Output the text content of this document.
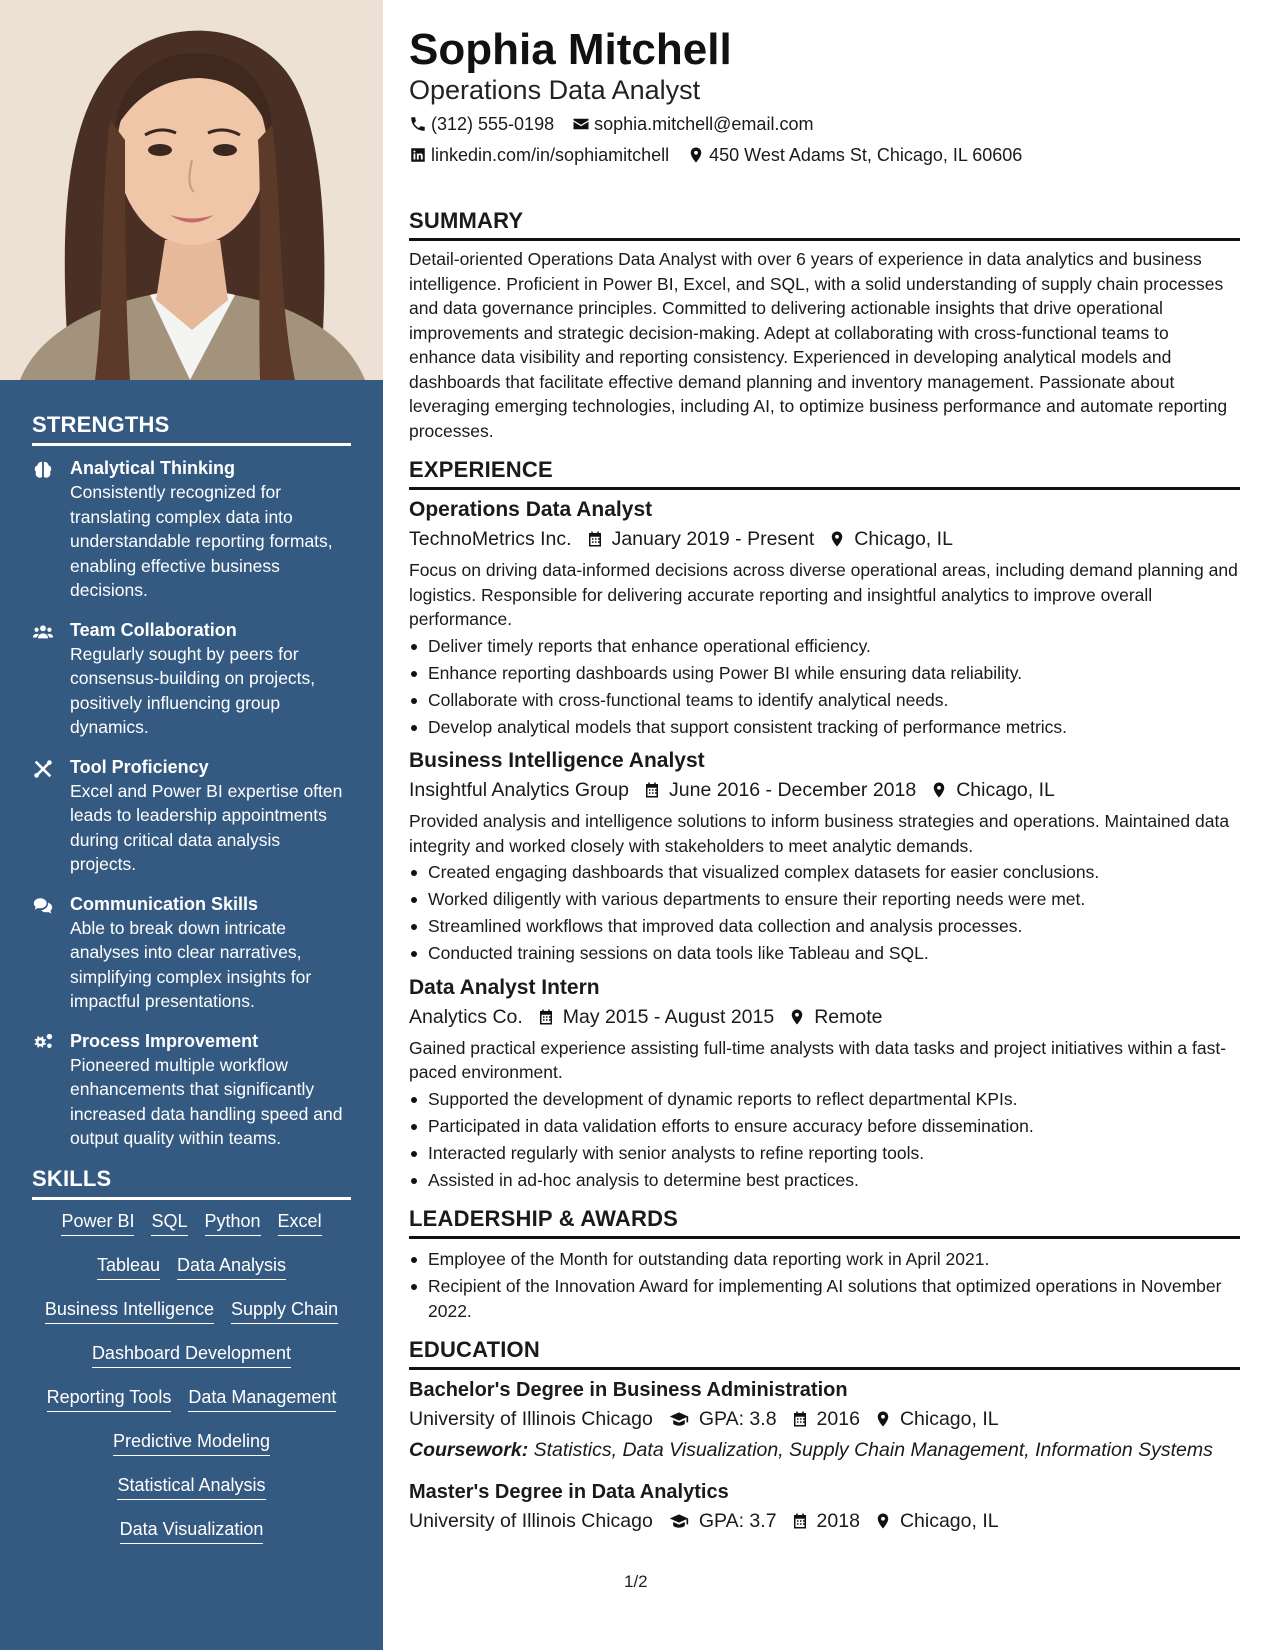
STRENGTHS
Analytical Thinking
Consistently recognized for translating complex data into understandable reporting formats, enabling effective business decisions.
Team Collaboration
Regularly sought by peers for consensus-building on projects, positively influencing group dynamics.
Tool Proficiency
Excel and Power BI expertise often leads to leadership appointments during critical data analysis projects.
Communication Skills
Able to break down intricate analyses into clear narratives, simplifying complex insights for impactful presentations.
Process Improvement
Pioneered multiple workflow enhancements that significantly increased data handling speed and output quality within teams.
SKILLS
Power BI SQL Python Excel
Tableau Data Analysis
Business Intelligence Supply Chain
Dashboard Development
Reporting Tools Data Management
Predictive Modeling
Statistical Analysis
Data Visualization
Sophia Mitchell
Operations Data Analyst
(312) 555-0198 sophia.mitchell@email.com
linkedin.com/in/sophiamitchell 450 West Adams St, Chicago, IL 60606
SUMMARY
Detail-oriented Operations Data Analyst with over 6 years of experience in data analytics and business intelligence. Proficient in Power BI, Excel, and SQL, with a solid understanding of supply chain processes and data governance principles. Committed to delivering actionable insights that drive operational improvements and strategic decision-making. Adept at collaborating with cross-functional teams to enhance data visibility and reporting consistency. Experienced in developing analytical models and dashboards that facilitate effective demand planning and inventory management. Passionate about leveraging emerging technologies, including AI, to optimize business performance and automate reporting processes.
EXPERIENCE
Operations Data Analyst
TechnoMetrics Inc. January 2019 - Present Chicago, IL
Focus on driving data-informed decisions across diverse operational areas, including demand planning and logistics. Responsible for delivering accurate reporting and insightful analytics to improve overall performance.
Deliver timely reports that enhance operational efficiency.
Enhance reporting dashboards using Power BI while ensuring data reliability.
Collaborate with cross-functional teams to identify analytical needs.
Develop analytical models that support consistent tracking of performance metrics.
Business Intelligence Analyst
Insightful Analytics Group June 2016 - December 2018 Chicago, IL
Provided analysis and intelligence solutions to inform business strategies and operations. Maintained data integrity and worked closely with stakeholders to meet analytic demands.
Created engaging dashboards that visualized complex datasets for easier conclusions.
Worked diligently with various departments to ensure their reporting needs were met.
Streamlined workflows that improved data collection and analysis processes.
Conducted training sessions on data tools like Tableau and SQL.
Data Analyst Intern
Analytics Co. May 2015 - August 2015 Remote
Gained practical experience assisting full-time analysts with data tasks and project initiatives within a fast-paced environment.
Supported the development of dynamic reports to reflect departmental KPIs.
Participated in data validation efforts to ensure accuracy before dissemination.
Interacted regularly with senior analysts to refine reporting tools.
Assisted in ad-hoc analysis to determine best practices.
LEADERSHIP & AWARDS
Employee of the Month for outstanding data reporting work in April 2021.
Recipient of the Innovation Award for implementing AI solutions that optimized operations in November 2022.
EDUCATION
Bachelor's Degree in Business Administration
University of Illinois Chicago GPA: 3.8 2016 Chicago, IL
Coursework: Statistics, Data Visualization, Supply Chain Management, Information Systems
Master's Degree in Data Analytics
University of Illinois Chicago GPA: 3.7 2018 Chicago, IL
1/2
